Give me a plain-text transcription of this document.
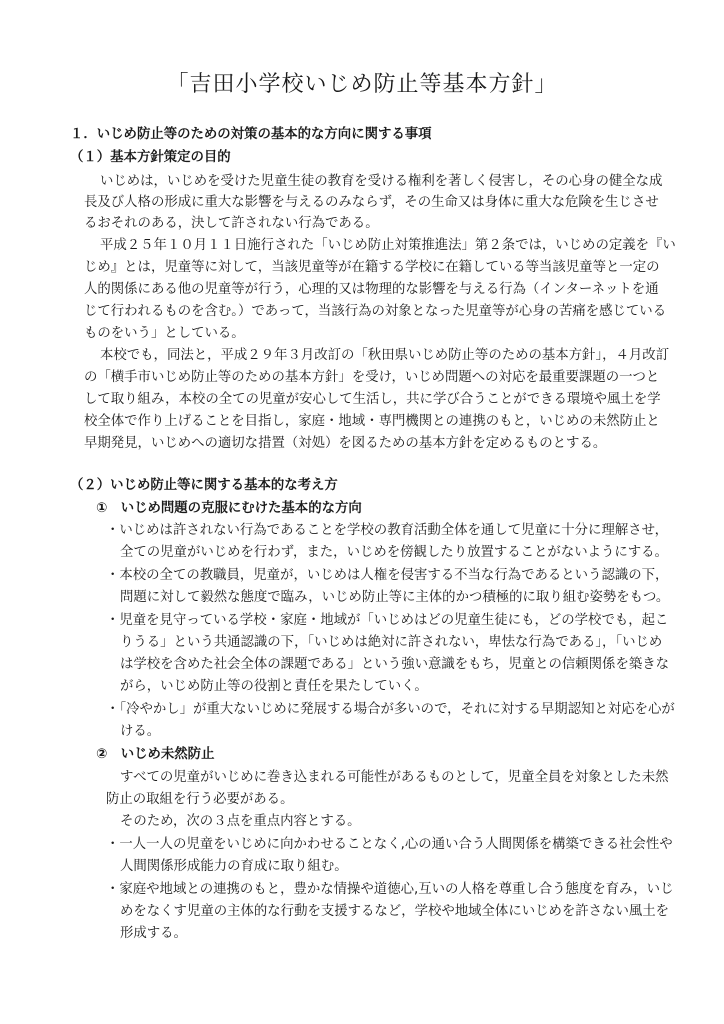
「吉田小学校いじめ防止等基本方針」
１．いじめ防止等のための対策の基本的な方向に関する事項
（１）基本方針策定の目的
いじめは，いじめを受けた児童生徒の教育を受ける権利を著しく侵害し，その心身の健全な成
長及び人格の形成に重大な影響を与えるのみならず，その生命又は身体に重大な危険を生じさせ
るおそれのある，決して許されない行為である。
平成２５年１０月１１日施行された「いじめ防止対策推進法」第２条では，いじめの定義を『い
じめ』とは，児童等に対して，当該児童等が在籍する学校に在籍している等当該児童等と一定の
人的関係にある他の児童等が行う，心理的又は物理的な影響を与える行為（インターネットを通
じて行われるものを含む。）であって，当該行為の対象となった児童等が心身の苦痛を感じている
ものをいう」としている。
本校でも，同法と，平成２９年３月改訂の「秋田県いじめ防止等のための基本方針」，４月改訂
の「横手市いじめ防止等のための基本方針」を受け，いじめ問題への対応を最重要課題の一つと
して取り組み，本校の全ての児童が安心して生活し，共に学び合うことができる環境や風土を学
校全体で作り上げることを目指し，家庭・地域・専門機関との連携のもと，いじめの未然防止と
早期発見，いじめへの適切な措置（対処）を図るための基本方針を定めるものとする。
（２）いじめ防止等に関する基本的な考え方
①　いじめ問題の克服にむけた基本的な方向
・いじめは許されない行為であることを学校の教育活動全体を通して児童に十分に理解させ，
全ての児童がいじめを行わず，また，いじめを傍観したり放置することがないようにする。
・本校の全ての教職員，児童が，いじめは人権を侵害する不当な行為であるという認識の下，
問題に対して毅然な態度で臨み，いじめ防止等に主体的かつ積極的に取り組む姿勢をもつ。
・児童を見守っている学校・家庭・地域が「いじめはどの児童生徒にも，どの学校でも，起こ
りうる」という共通認識の下，「いじめは絶対に許されない，卑怯な行為である」，「いじめ
は学校を含めた社会全体の課題である」という強い意識をもち，児童との信頼関係を築きな
がら，いじめ防止等の役割と責任を果たしていく。
・「冷やかし」が重大ないじめに発展する場合が多いので，それに対する早期認知と対応を心が
ける。
②　いじめ未然防止
すべての児童がいじめに巻き込まれる可能性があるものとして，児童全員を対象とした未然
防止の取組を行う必要がある。
そのため，次の３点を重点内容とする。
・一人一人の児童をいじめに向かわせることなく,心の通い合う人間関係を構築できる社会性や
人間関係形成能力の育成に取り組む。
・家庭や地域との連携のもと，豊かな情操や道徳心,互いの人格を尊重し合う態度を育み，いじ
めをなくす児童の主体的な行動を支援するなど，学校や地域全体にいじめを許さない風土を
形成する。
